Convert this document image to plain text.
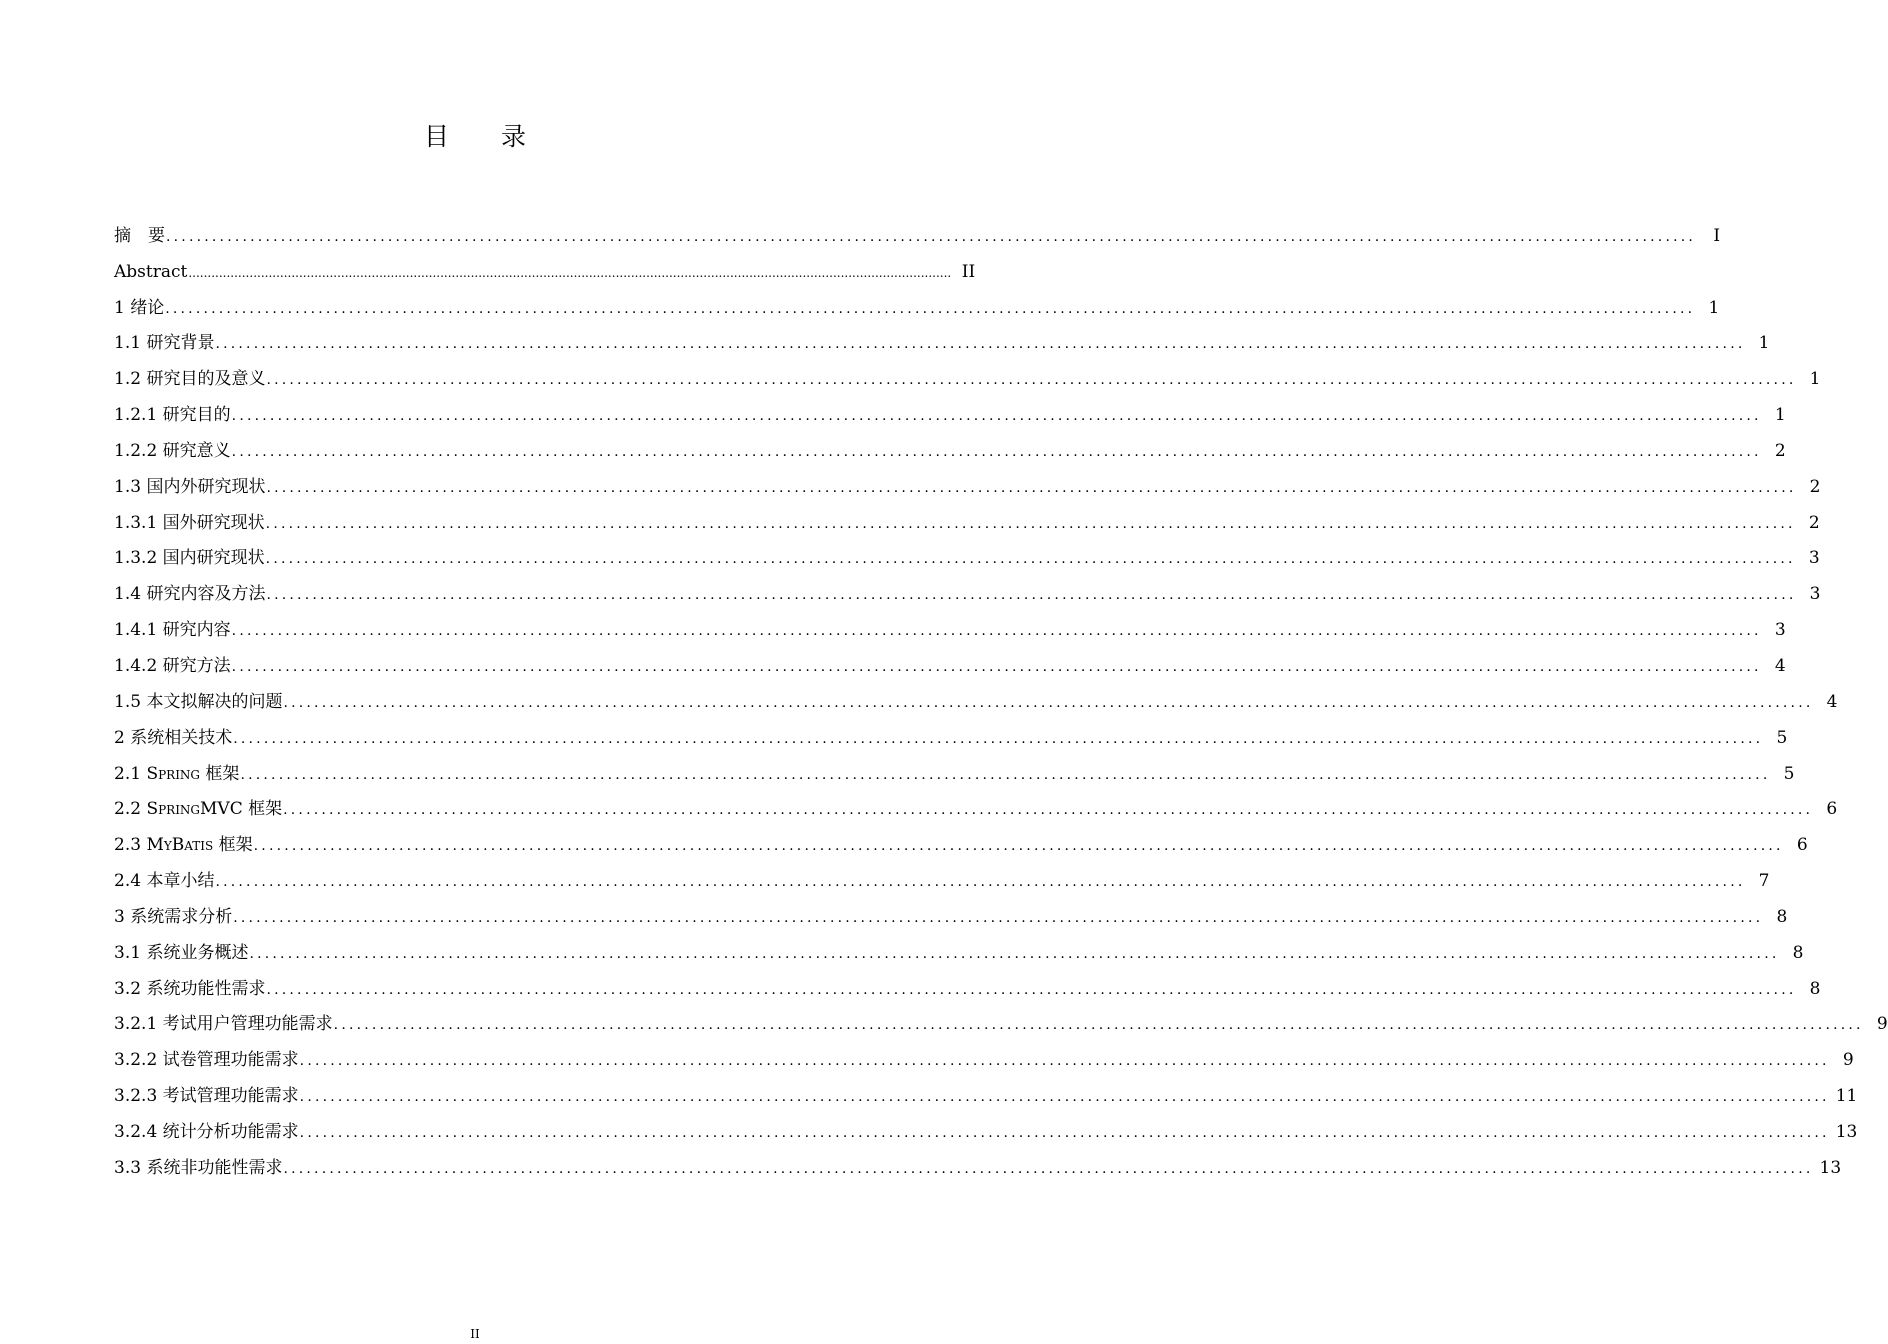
目 录
摘　要 ........................................................................................................................................................................................................	I
Abstract ........................................................................................................................................................................................................ II
1 绪论 ........................................................................................................................................................................................................ 1
1.1 研究背景 ........................................................................................................................................................................................................ 1
1.2 研究目的及意义 ........................................................................................................................................................................................................ 1
1.2.1 研究目的 ........................................................................................................................................................................................................ 1
1.2.2 研究意义 ........................................................................................................................................................................................................ 2
1.3 国内外研究现状 ........................................................................................................................................................................................................ 2
1.3.1 国外研究现状 ........................................................................................................................................................................................................ 2
1.3.2 国内研究现状 ........................................................................................................................................................................................................ 3
1.4 研究内容及方法 ........................................................................................................................................................................................................ 3
1.4.1 研究内容 ........................................................................................................................................................................................................ 3
1.4.2 研究方法 ........................................................................................................................................................................................................ 4
1.5 本文拟解决的问题 ........................................................................................................................................................................................................ 4
2 系统相关技术 ........................................................................................................................................................................................................ 5
2.1 Spring 框架 ........................................................................................................................................................................................................ 5
2.2 SpringMVC 框架 ........................................................................................................................................................................................................ 6
2.3 MyBatis 框架 ........................................................................................................................................................................................................ 6
2.4 本章小结 ........................................................................................................................................................................................................ 7
3 系统需求分析 ........................................................................................................................................................................................................ 8
3.1 系统业务概述 ........................................................................................................................................................................................................ 8
3.2 系统功能性需求 ........................................................................................................................................................................................................ 8
3.2.1 考试用户管理功能需求 ........................................................................................................................................................................................................ 9
3.2.2 试卷管理功能需求 ........................................................................................................................................................................................................ 9
3.2.3 考试管理功能需求 ........................................................................................................................................................................................................ 11
3.2.4 统计分析功能需求 ........................................................................................................................................................................................................ 13
3.3 系统非功能性需求 ........................................................................................................................................................................................................ 13
II
